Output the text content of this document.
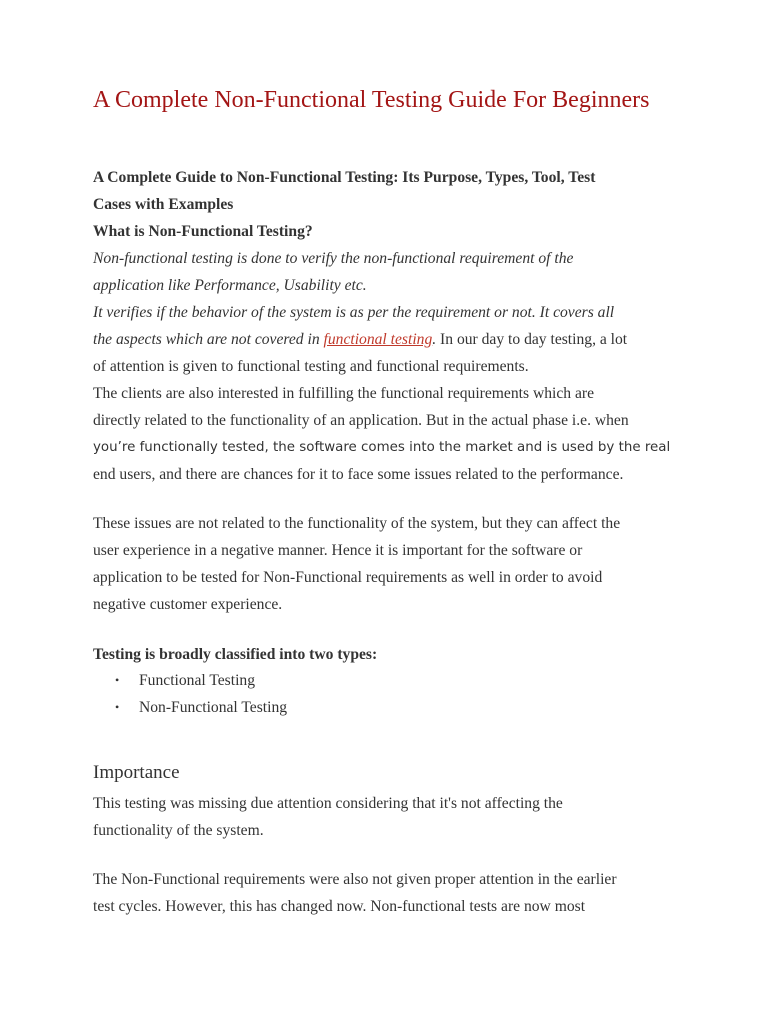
A Complete Non-Functional Testing Guide For Beginners

A Complete Guide to Non-Functional Testing: Its Purpose, Types, Tool, Test
Cases with Examples

What is Non-Functional Testing?

Non-functional testing is done to verify the non-functional requirement of the
application like Performance, Usability etc.

It verifies if the behavior of the system is as per the requirement or not. It covers all
the aspects which are not covered in functional testing. In our day to day testing, a lot
of attention is given to functional testing and functional requirements.

The clients are also interested in fulfilling the functional requirements which are
directly related to the functionality of an application. But in the actual phase i.e. when
you’re functionally tested, the software comes into the market and is used by the real
end users, and there are chances for it to face some issues related to the performance.

These issues are not related to the functionality of the system, but they can affect the
user experience in a negative manner. Hence it is important for the software or
application to be tested for Non-Functional requirements as well in order to avoid
negative customer experience.

Testing is broadly classified into two types:

• Functional Testing
• Non-Functional Testing
Importance

This testing was missing due attention considering that it's not affecting the
functionality of the system.

The Non-Functional requirements were also not given proper attention in the earlier
test cycles. However, this has changed now. Non-functional tests are now most
